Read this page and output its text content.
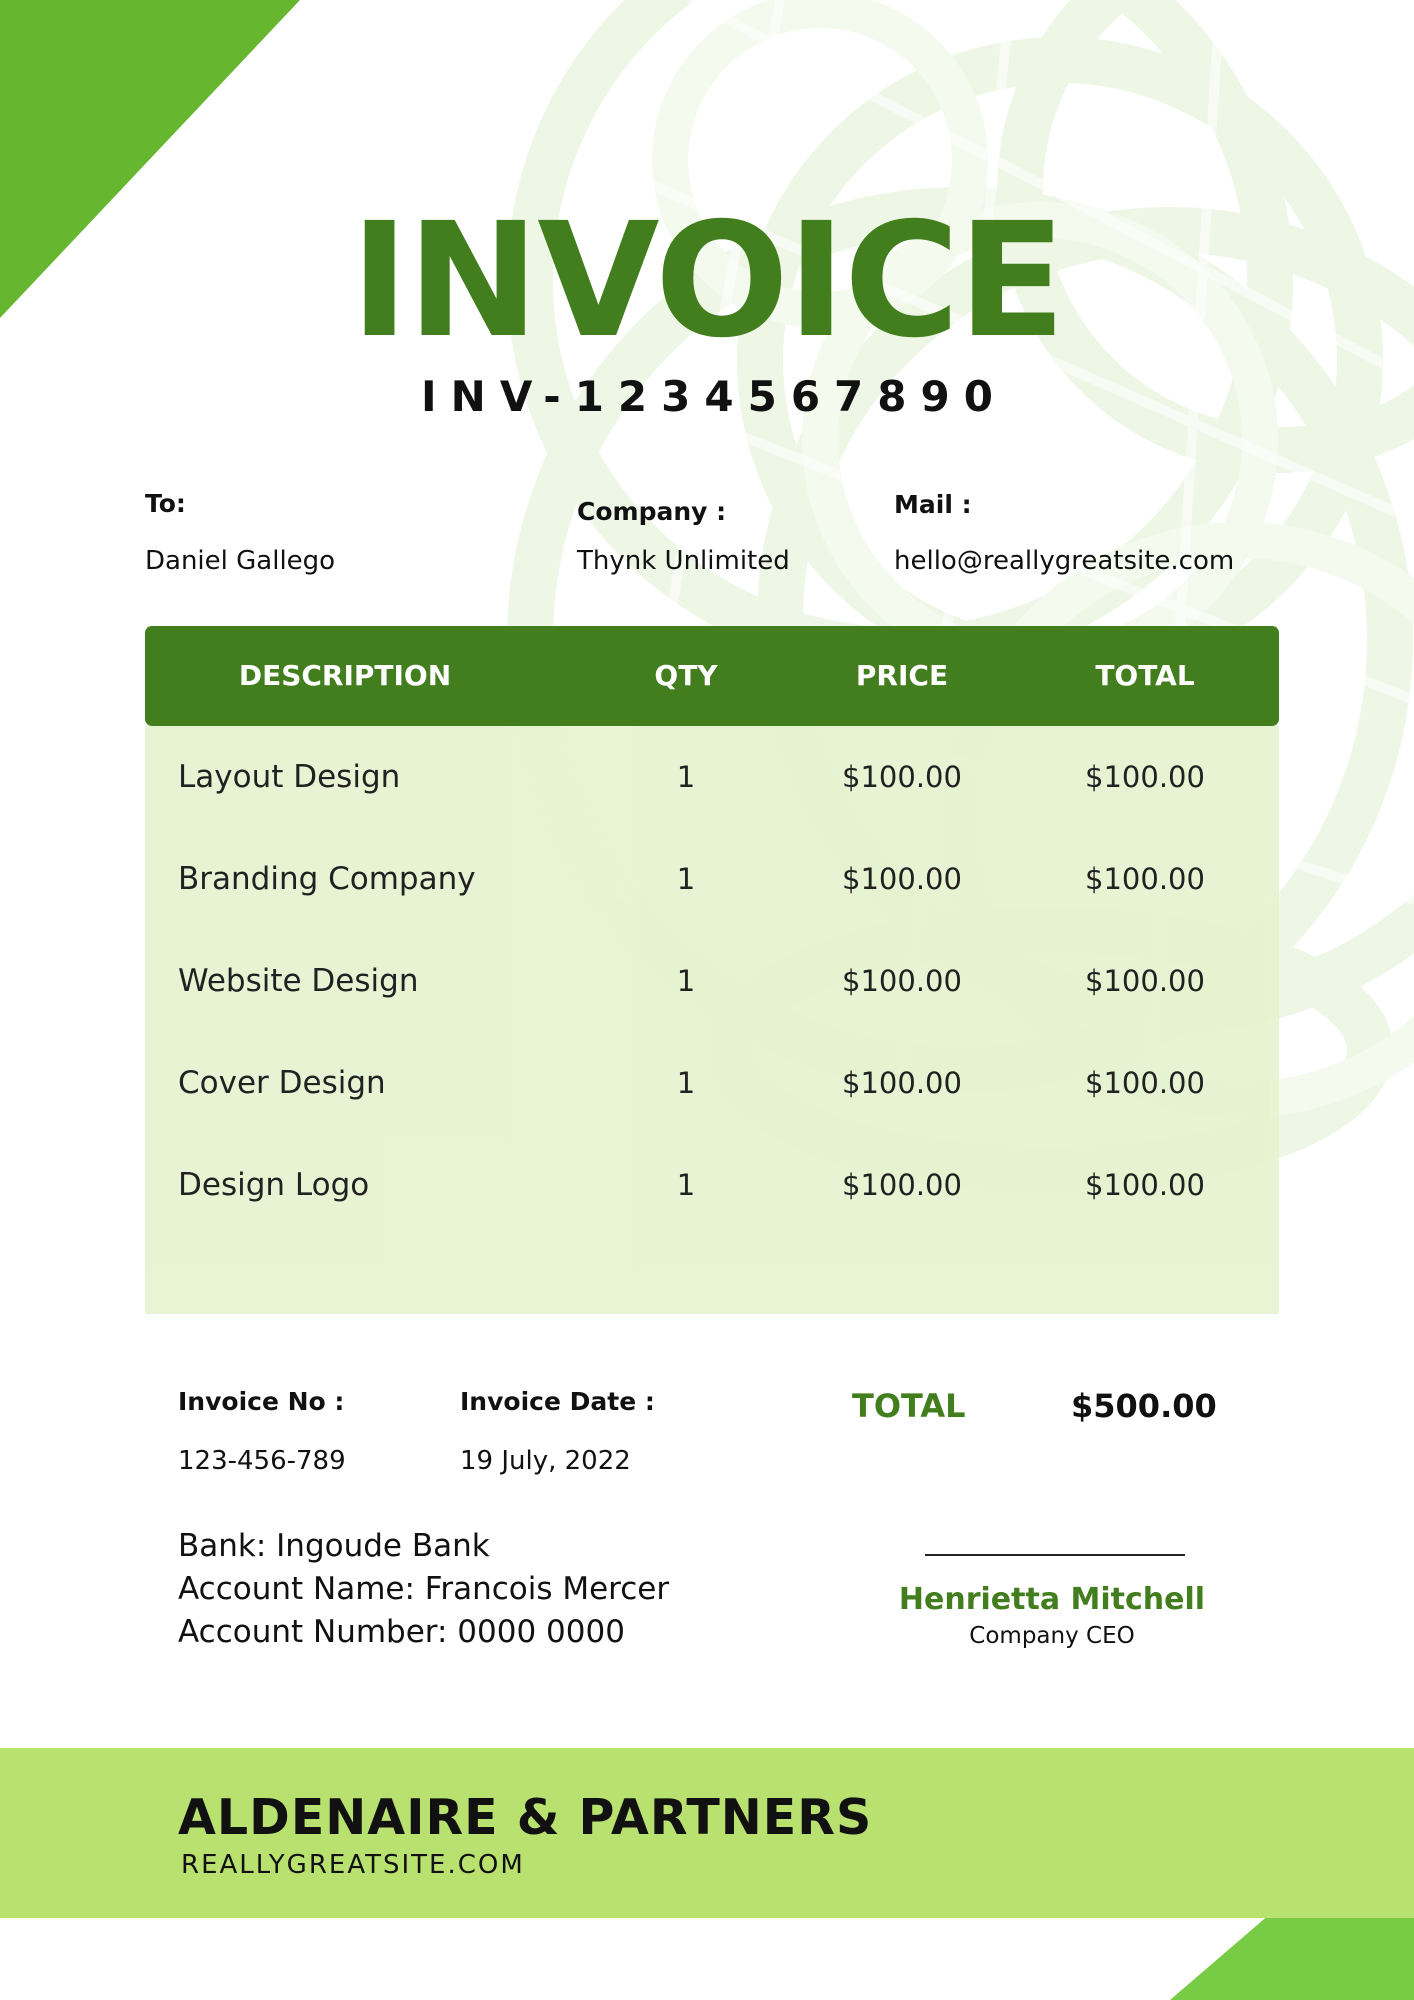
INVOICE
INV-1234567890
To:
Daniel Gallego
Company :
Thynk Unlimited
Mail :
hello@reallygreatsite.com
DESCRIPTION	QTY	PRICE	TOTAL
Layout Design	1	$100.00	$100.00
Branding Company	1	$100.00	$100.00
Website Design	1	$100.00	$100.00
Cover Design	1	$100.00	$100.00
Design Logo	1	$100.00	$100.00
Invoice No :
123-456-789
Invoice Date :
19 July, 2022
TOTAL	$500.00
Bank: Ingoude Bank
Account Name: Francois Mercer
Account Number: 0000 0000
Henrietta Mitchell
Company CEO
ALDENAIRE & PARTNERS
REALLYGREATSITE.COM
